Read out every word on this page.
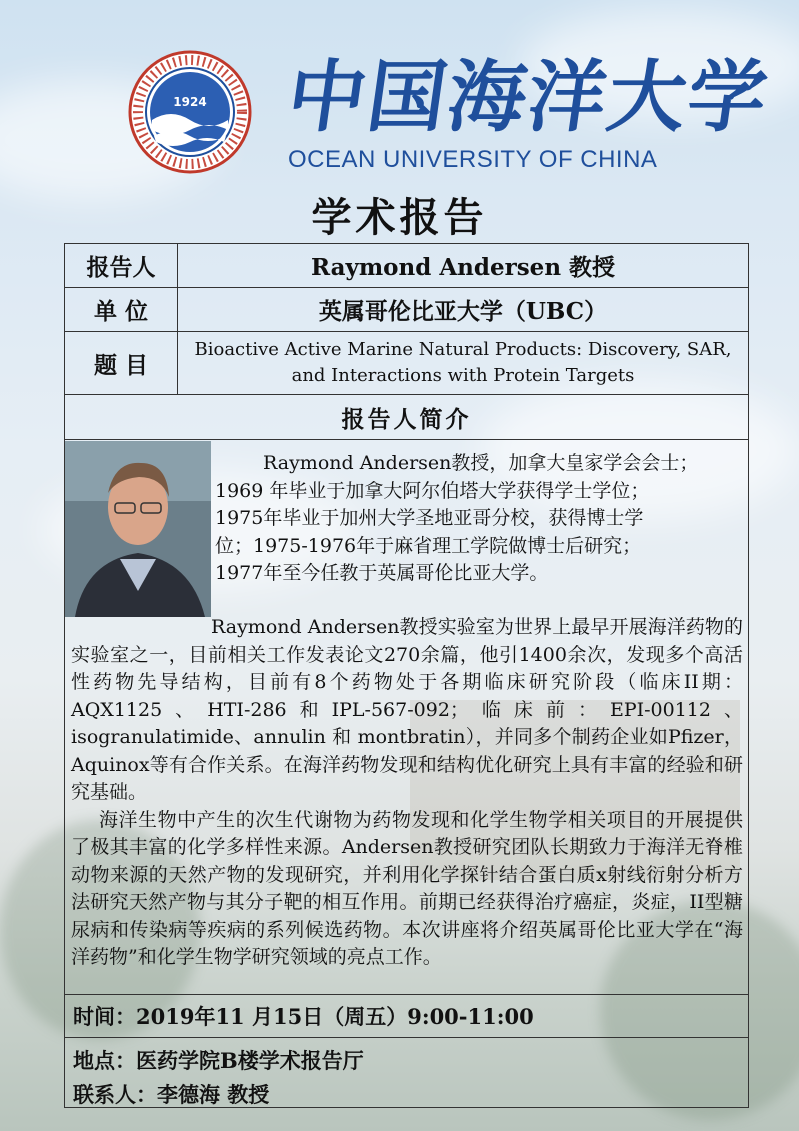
1924 中国海洋大学
OCEAN UNIVERSITY OF CHINA
学术报告
报告人	Raymond Andersen 教授
单 位	英属哥伦比亚大学（UBC）
题 目
Bioactive Active Marine Natural Products: Discovery, SAR, and Interactions with Protein Targets
报告人简介
Raymond Andersen教授，加拿大皇家学会会士；
1969 年毕业于加拿大阿尔伯塔大学获得学士学位；
1975年毕业于加州大学圣地亚哥分校，获得博士学
位；1975-1976年于麻省理工学院做博士后研究；
1977年至今任教于英属哥伦比亚大学。

Raymond Andersen教授实验室为世界上最早开展海洋药物的实验室之一，目前相关工作发表论文270余篇，他引1400余次，发现多个高活性药物先导结构，目前有8个药物处于各期临床研究阶段（临床II期：AQX1125、HTI-286和IPL-567-092；临床前：EPI-00112、isogranulatimide、annulin 和 montbratin），并同多个制药企业如Pfizer，Aquinox等有合作关系。在海洋药物发现和结构优化研究上具有丰富的经验和研究基础。

海洋生物中产生的次生代谢物为药物发现和化学生物学相关项目的开展提供了极其丰富的化学多样性来源。Andersen教授研究团队长期致力于海洋无脊椎动物来源的天然产物的发现研究，并利用化学探针结合蛋白质x射线衍射分析方法研究天然产物与其分子靶的相互作用。前期已经获得治疗癌症，炎症，II型糖尿病和传染病等疾病的系列候选药物。本次讲座将介绍英属哥伦比亚大学在“海洋药物”和化学生物学研究领域的亮点工作。

时间：2019年11 月15日（周五）9:00-11:00
地点：医药学院B楼学术报告厅
联系人：李德海 教授
